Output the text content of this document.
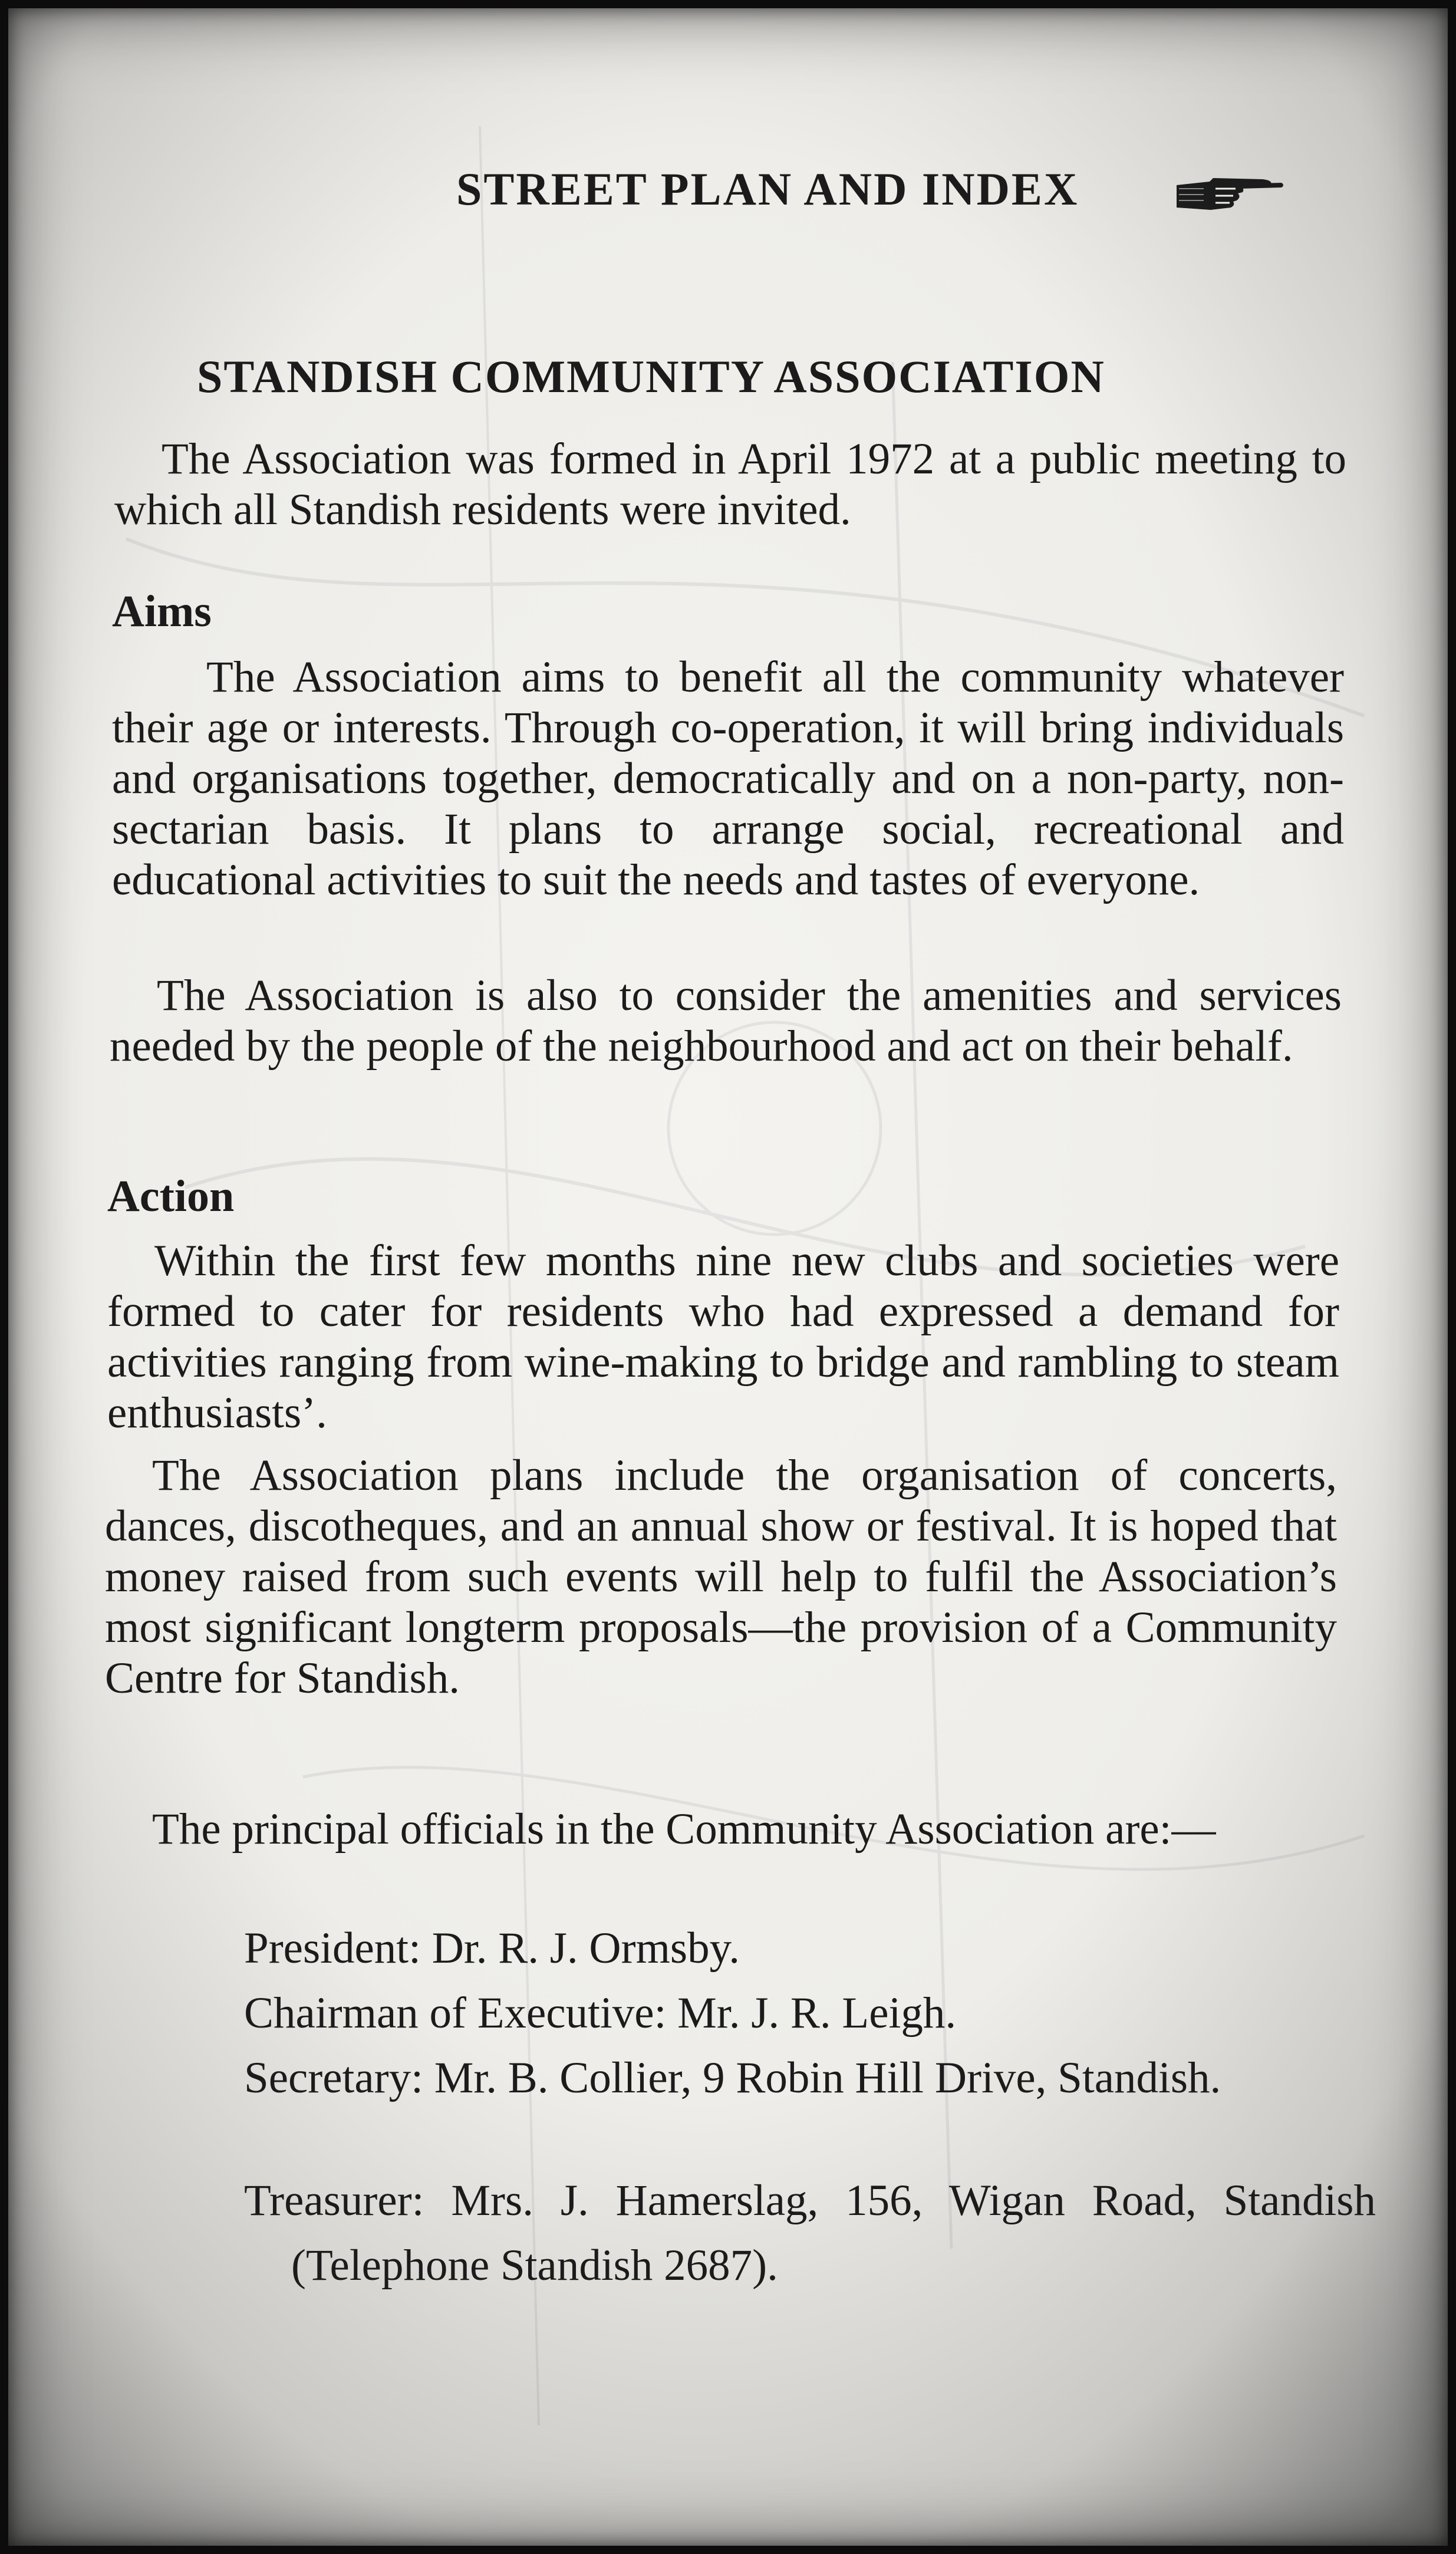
STREET PLAN AND INDEX
STANDISH COMMUNITY ASSOCIATION
The Association was formed in April 1972 at a public meeting to which all Standish residents were invited.
Aims
The Association aims to benefit all the community whatever their age or interests. Through co-operation, it will bring individuals and organisations together, democratically and on a non-party, non-sectarian basis. It plans to arrange social, recreational and educational activities to suit the needs and tastes of everyone.
The Association is also to consider the amenities and services needed by the people of the neighbourhood and act on their behalf.
Action
Within the first few months nine new clubs and societies were formed to cater for residents who had expressed a demand for activities ranging from wine-making to bridge and rambling to steam enthusiasts’.
The Association plans include the organisation of concerts, dances, discotheques, and an annual show or festival. It is hoped that money raised from such events will help to fulfil the Association’s most significant longterm proposals—the provision of a Community Centre for Standish.
The principal officials in the Community Association are:—
President: Dr. R. J. Ormsby.
Chairman of Executive: Mr. J. R. Leigh.
Secretary: Mr. B. Collier, 9 Robin Hill Drive, Standish.
Treasurer: Mrs. J. Hamerslag, 156, Wigan Road, Standish (Telephone Standish 2687).
